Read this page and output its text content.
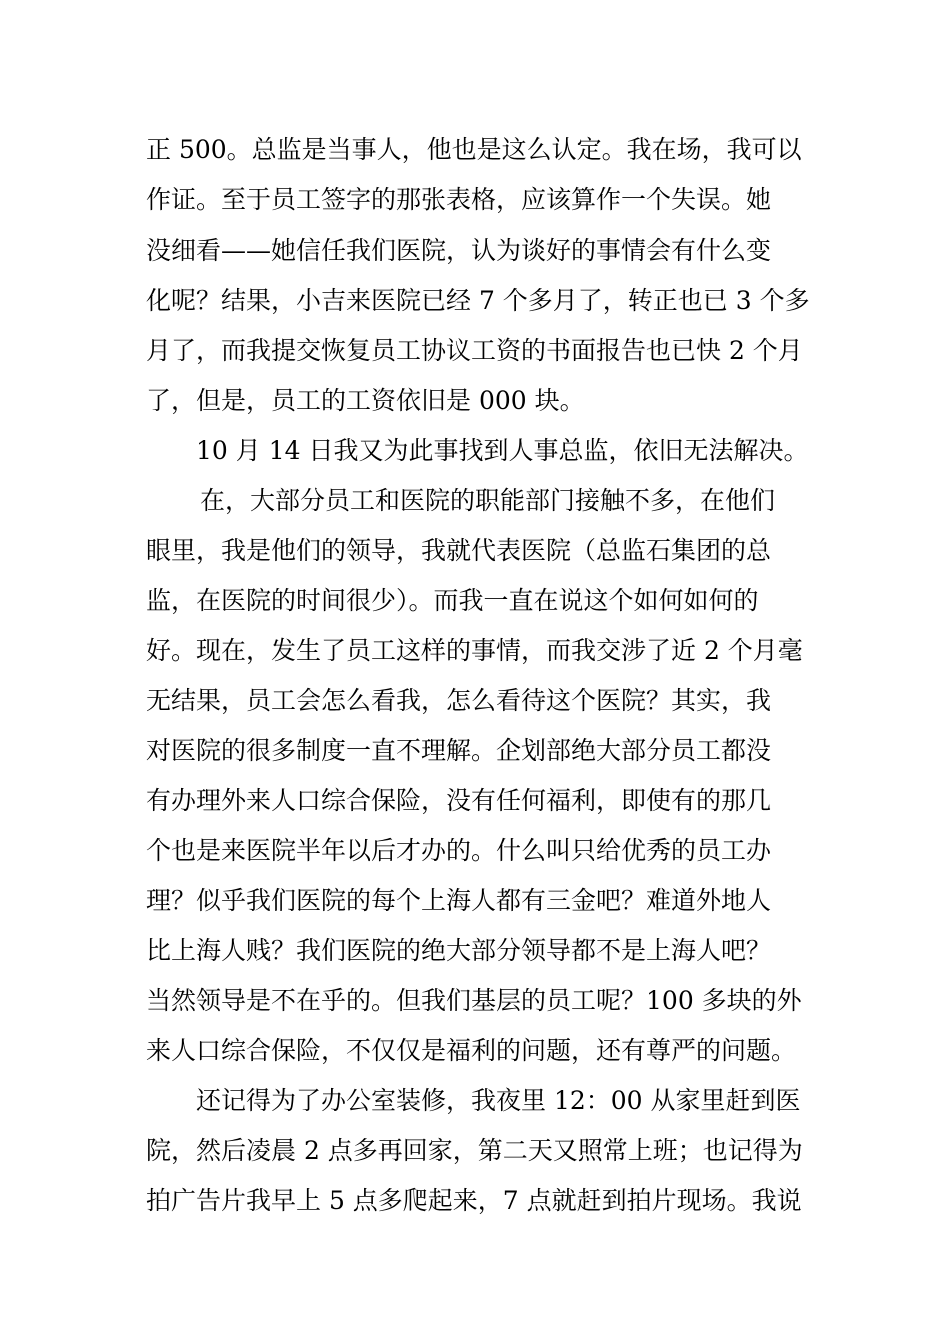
正 500。总监是当事人，他也是这么认定。我在场，我可以
作证。至于员工签字的那张表格，应该算作一个失误。她
没细看——她信任我们医院，认为谈好的事情会有什么变
化呢？结果，小吉来医院已经 7 个多月了，转正也已 3 个多
月了，而我提交恢复员工协议工资的书面报告也已快 2 个月
了，但是，员工的工资依旧是 000 块。
10 月 14 日我又为此事找到人事总监，依旧无法解决。
在，大部分员工和医院的职能部门接触不多，在他们
眼里，我是他们的领导，我就代表医院（总监石集团的总
监，在医院的时间很少）。而我一直在说这个如何如何的
好。现在，发生了员工这样的事情，而我交涉了近 2 个月毫
无结果，员工会怎么看我，怎么看待这个医院？其实，我
对医院的很多制度一直不理解。企划部绝大部分员工都没
有办理外来人口综合保险，没有任何福利，即使有的那几
个也是来医院半年以后才办的。什么叫只给优秀的员工办
理？似乎我们医院的每个上海人都有三金吧？难道外地人
比上海人贱？我们医院的绝大部分领导都不是上海人吧？
当然领导是不在乎的。但我们基层的员工呢？100 多块的外
来人口综合保险，不仅仅是福利的问题，还有尊严的问题。
还记得为了办公室装修，我夜里 12：00 从家里赶到医
院，然后凌晨 2 点多再回家，第二天又照常上班；也记得为
拍广告片我早上 5 点多爬起来，7 点就赶到拍片现场。我说
